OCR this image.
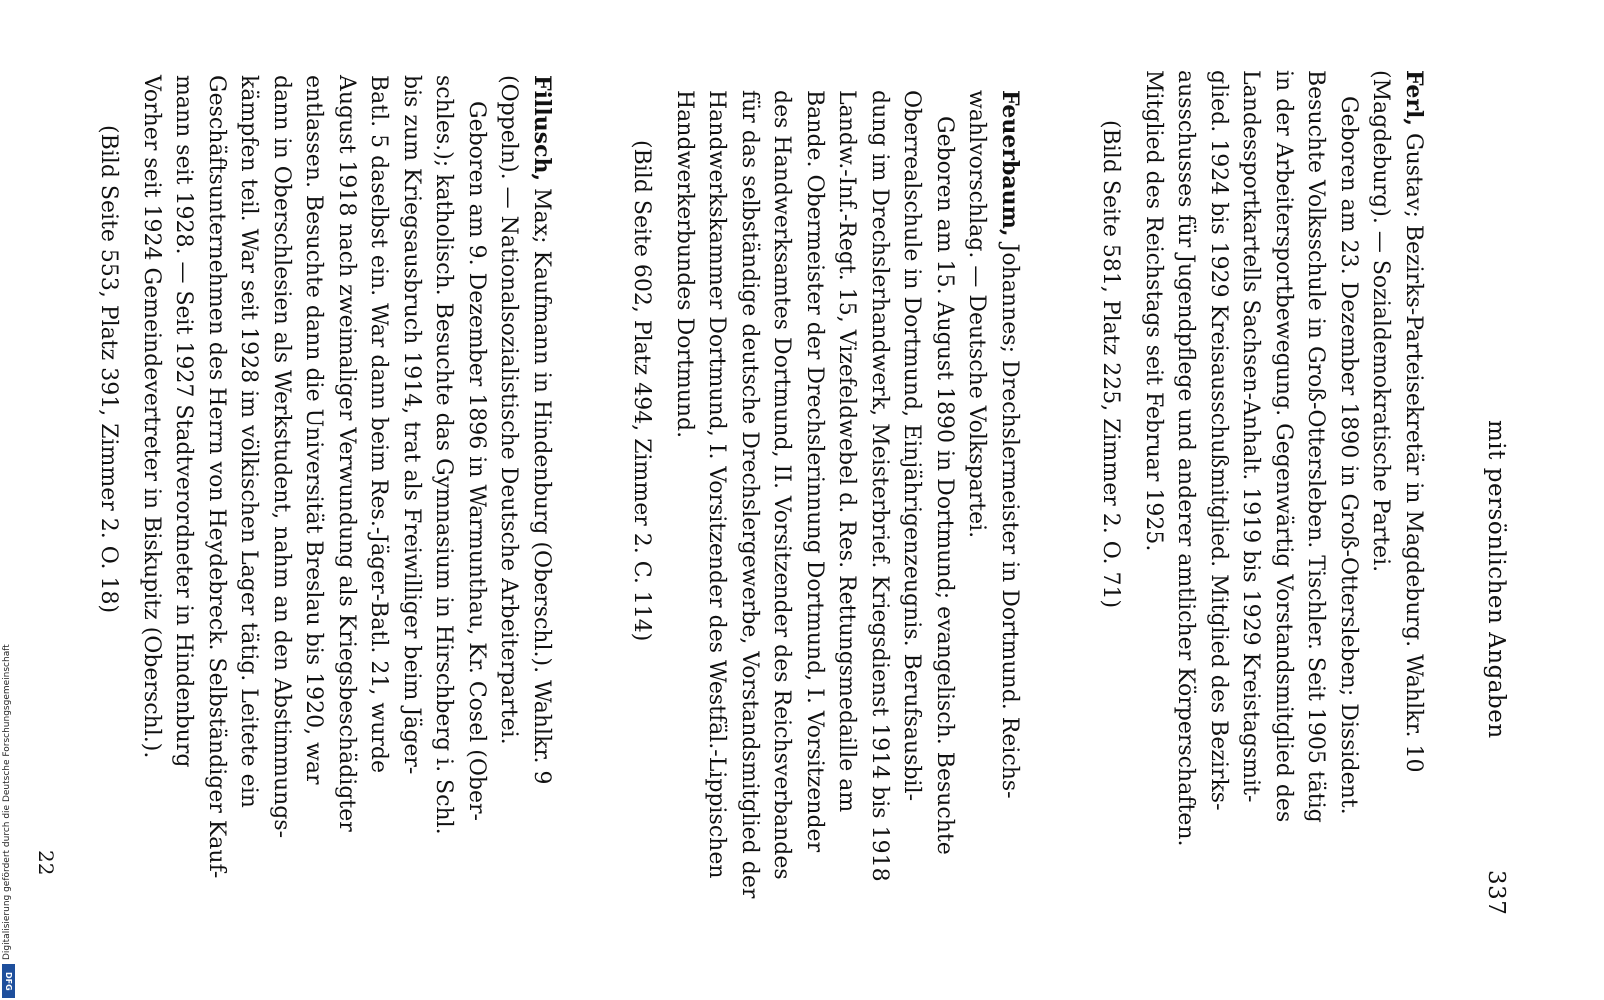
mit persönlichen Angaben
337

Ferl, Gustav; Bezirks-Parteisekretär in Magdeburg. Wahlkr. 10

(Magdeburg). — Sozialdemokratische Partei.

Geboren am 23. Dezember 1890 in Groß-Ottersleben; Dissident.

Besuchte Volksschule in Groß-Ottersleben. Tischler. Seit 1905 tätig

in der Arbeitersportbewegung. Gegenwärtig Vorstandsmitglied des

Landessportkartells Sachsen-Anhalt. 1919 bis 1929 Kreistagsmit-

glied. 1924 bis 1929 Kreisausschußmitglied. Mitglied des Bezirks-

ausschusses für Jugendpflege und anderer amtlicher Körperschaften.

Mitglied des Reichstags seit Februar 1925.

(Bild Seite 581, Platz 225, Zimmer 2. O. 71)

Feuerbaum, Johannes; Drechslermeister in Dortmund. Reichs-

wahlvorschlag. — Deutsche Volkspartei.

Geboren am 15. August 1890 in Dortmund; evangelisch. Besuchte

Oberrealschule in Dortmund, Einjährigenzeugnis. Berufsausbil-

dung im Drechslerhandwerk, Meisterbrief. Kriegsdienst 1914 bis 1918

Landw.-Inf.-Regt. 15, Vizefeldwebel d. Res. Rettungsmedaille am

Bande. Obermeister der Drechslerinnung Dortmund, I. Vorsitzender

des Handwerksamtes Dortmund, II. Vorsitzender des Reichsverbandes

für das selbständige deutsche Drechslergewerbe, Vorstandsmitglied der

Handwerkskammer Dortmund, I. Vorsitzender des Westfäl.-Lippischen

Handwerkerbundes Dortmund.

(Bild Seite 602, Platz 494, Zimmer 2. C. 114)

Fillusch, Max; Kaufmann in Hindenburg (Oberschl.). Wahlkr. 9

(Oppeln). — Nationalsozialistische Deutsche Arbeiterpartei.

Geboren am 9. Dezember 1896 in Warmunthau, Kr. Cosel (Ober-

schles.); katholisch. Besuchte das Gymnasium in Hirschberg i. Schl.

bis zum Kriegsausbruch 1914, trat als Freiwilliger beim Jäger-

Batl. 5 daselbst ein. War dann beim Res.-Jäger-Batl. 21, wurde

August 1918 nach zweimaliger Verwundung als Kriegsbeschädigter

entlassen. Besuchte dann die Universität Breslau bis 1920, war

dann in Oberschlesien als Werkstudent, nahm an den Abstimmungs-

kämpfen teil. War seit 1928 im völkischen Lager tätig. Leitete ein

Geschäftsunternehmen des Herrn von Heydebreck. Selbständiger Kauf-

mann seit 1928. — Seit 1927 Stadtverordneter in Hindenburg

Vorher seit 1924 Gemeindevertreter in Biskupitz (Oberschl.).

(Bild Seite 553, Platz 391, Zimmer 2. O. 18)

22
Digitalisierung gefördert durch die Deutsche Forschungsgemeinschaft
DFG
